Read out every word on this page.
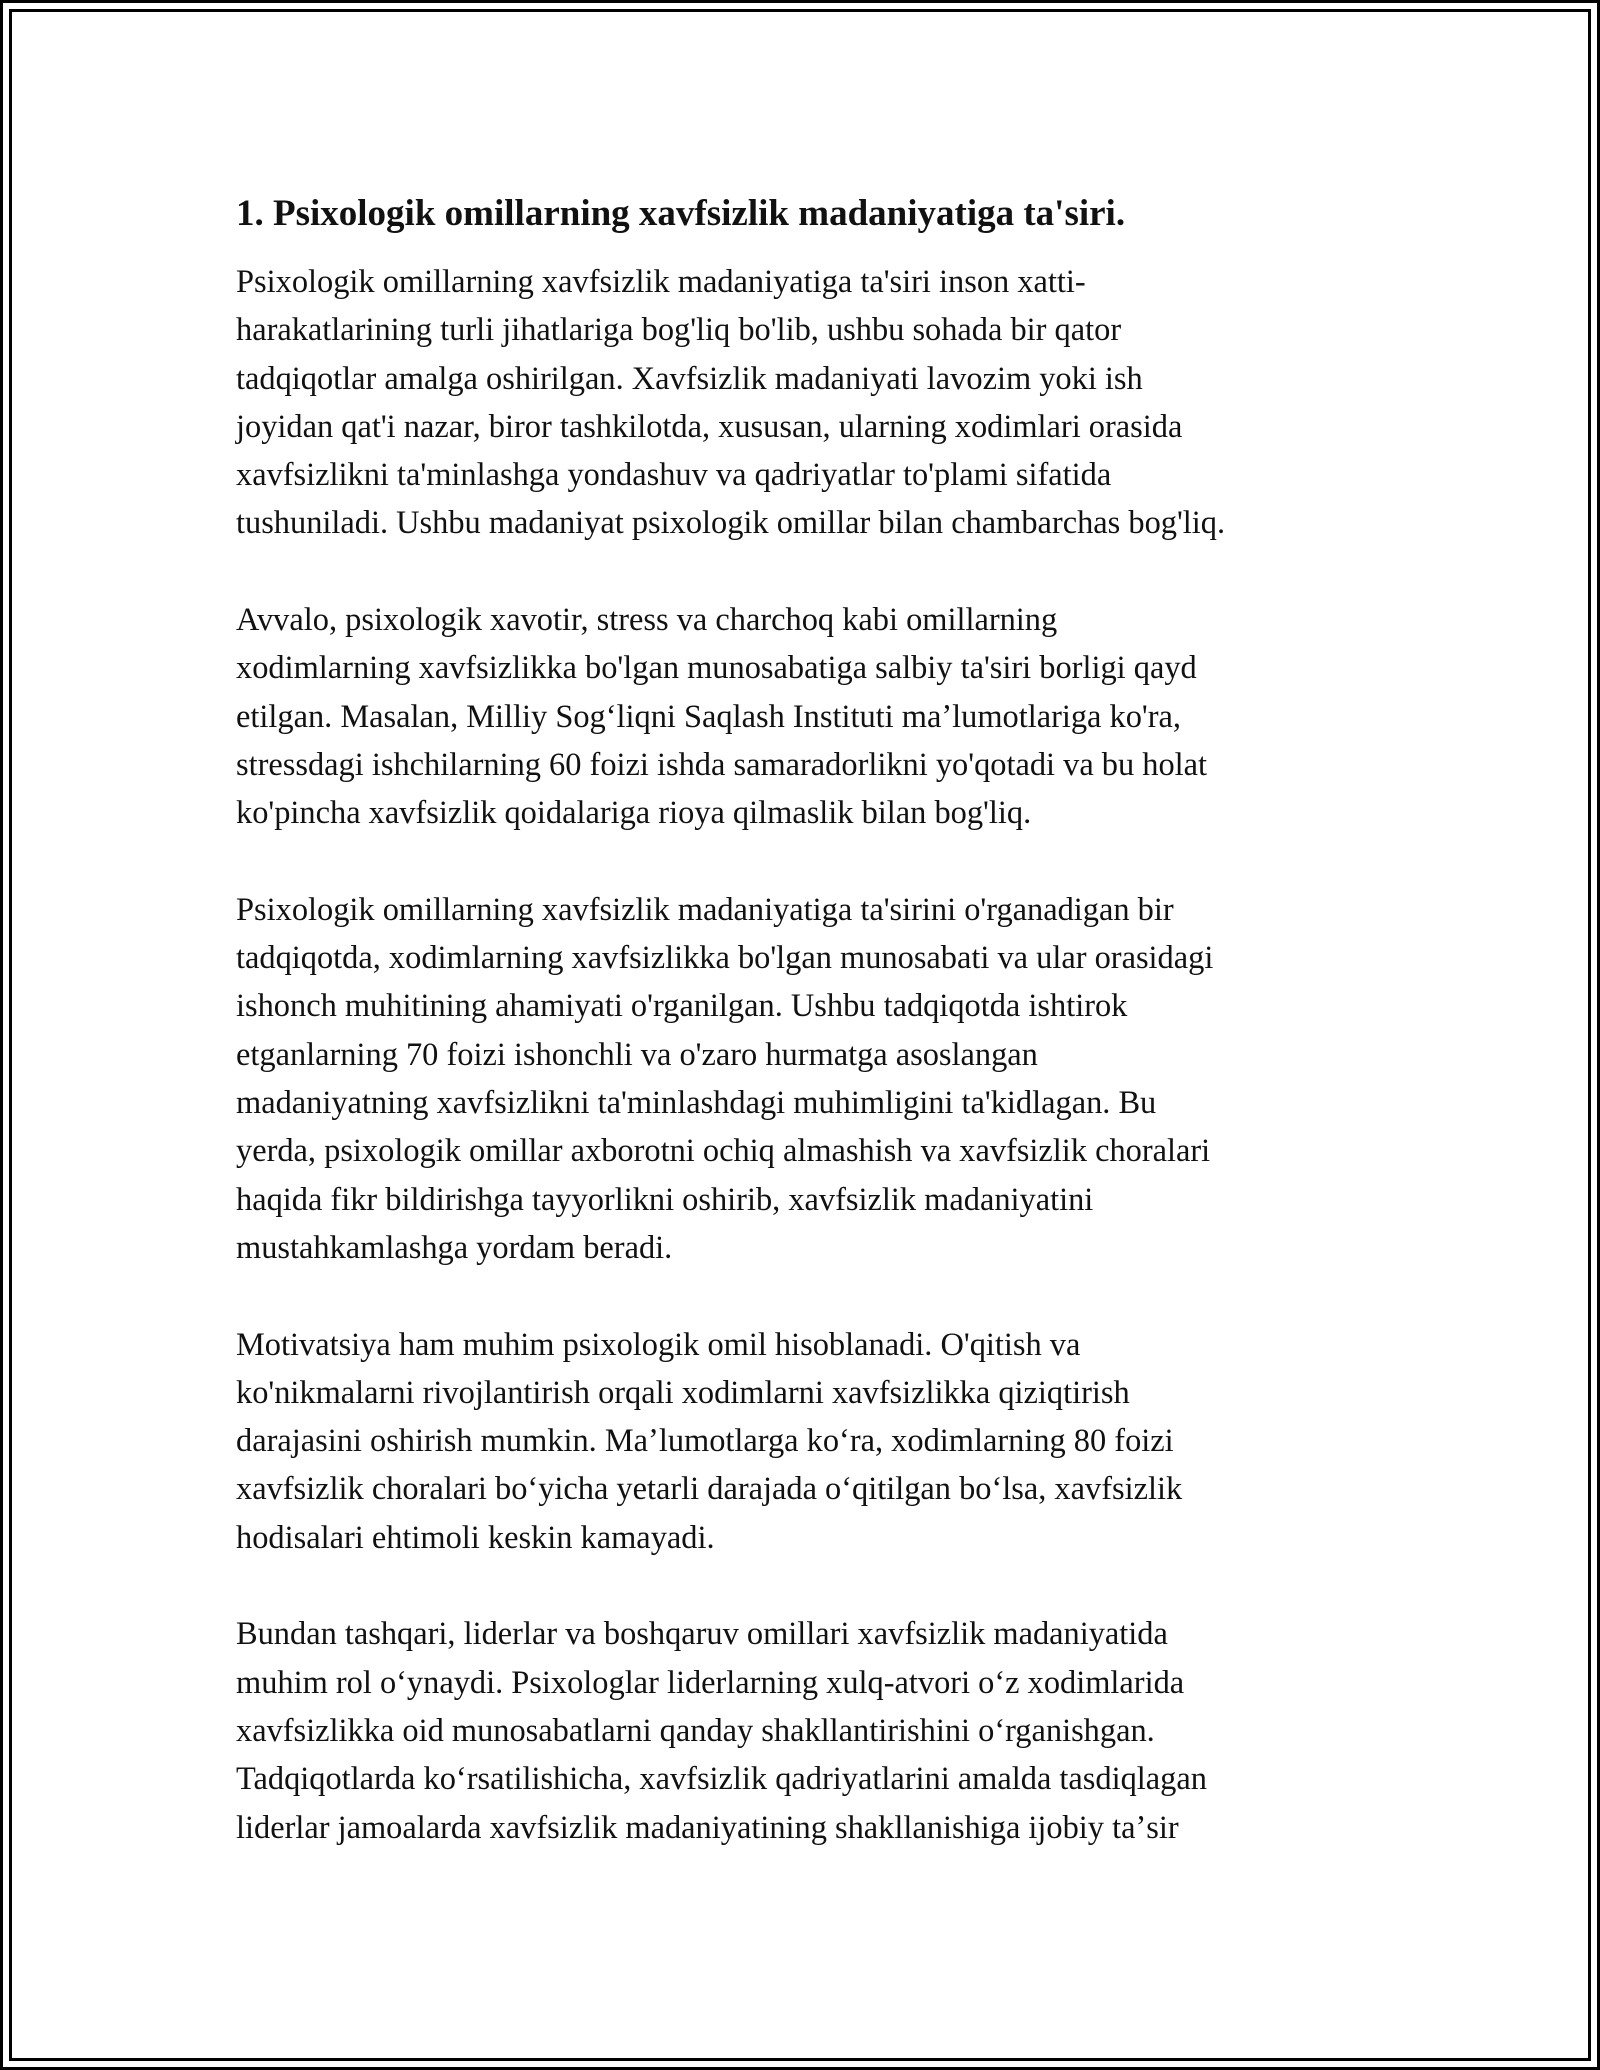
1. Psixologik omillarning xavfsizlik madaniyatiga ta'siri.

Psixologik omillarning xavfsizlik madaniyatiga ta'siri inson xatti-
harakatlarining turli jihatlariga bog'liq bo'lib, ushbu sohada bir qator
tadqiqotlar amalga oshirilgan. Xavfsizlik madaniyati lavozim yoki ish
joyidan qat'i nazar, biror tashkilotda, xususan, ularning xodimlari orasida
xavfsizlikni ta'minlashga yondashuv va qadriyatlar to'plami sifatida
tushuniladi. Ushbu madaniyat psixologik omillar bilan chambarchas bog'liq.

Avvalo, psixologik xavotir, stress va charchoq kabi omillarning
xodimlarning xavfsizlikka bo'lgan munosabatiga salbiy ta'siri borligi qayd
etilgan. Masalan, Milliy Sogʻliqni Saqlash Instituti maʼlumotlariga ko'ra,
stressdagi ishchilarning 60 foizi ishda samaradorlikni yo'qotadi va bu holat
ko'pincha xavfsizlik qoidalariga rioya qilmaslik bilan bog'liq.

Psixologik omillarning xavfsizlik madaniyatiga ta'sirini o'rganadigan bir
tadqiqotda, xodimlarning xavfsizlikka bo'lgan munosabati va ular orasidagi
ishonch muhitining ahamiyati o'rganilgan. Ushbu tadqiqotda ishtirok
etganlarning 70 foizi ishonchli va o'zaro hurmatga asoslangan
madaniyatning xavfsizlikni ta'minlashdagi muhimligini ta'kidlagan. Bu
yerda, psixologik omillar axborotni ochiq almashish va xavfsizlik choralari
haqida fikr bildirishga tayyorlikni oshirib, xavfsizlik madaniyatini
mustahkamlashga yordam beradi.

Motivatsiya ham muhim psixologik omil hisoblanadi. O'qitish va
ko'nikmalarni rivojlantirish orqali xodimlarni xavfsizlikka qiziqtirish
darajasini oshirish mumkin. Maʼlumotlarga koʻra, xodimlarning 80 foizi
xavfsizlik choralari boʻyicha yetarli darajada oʻqitilgan boʻlsa, xavfsizlik
hodisalari ehtimoli keskin kamayadi.

Bundan tashqari, liderlar va boshqaruv omillari xavfsizlik madaniyatida
muhim rol oʻynaydi. Psixologlar liderlarning xulq-atvori oʻz xodimlarida
xavfsizlikka oid munosabatlarni qanday shakllantirishini oʻrganishgan.
Tadqiqotlarda koʻrsatilishicha, xavfsizlik qadriyatlarini amalda tasdiqlagan
liderlar jamoalarda xavfsizlik madaniyatining shakllanishiga ijobiy taʼsir
